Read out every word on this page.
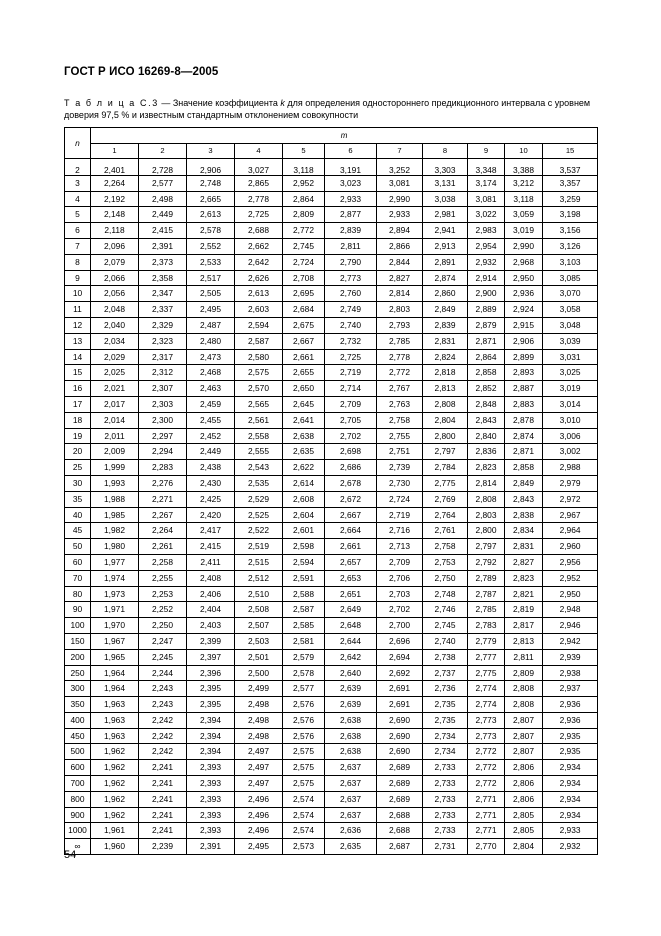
ГОСТ Р ИСО 16269-8—2005
Т а б л и ц а С.3 — Значение коэффициента k для определения одностороннего предикционного интервала с уровнем доверия 97,5 % и известным стандартным отклонением совокупности
n	m										
	1	2	3	4	5	6	7	8	9	10	15
2	2,401	2,728	2,906	3,027	3,118	3,191	3,252	3,303	3,348	3,388	3,537
3	2,264	2,577	2,748	2,865	2,952	3,023	3,081	3,131	3,174	3,212	3,357
4	2,192	2,498	2,665	2,778	2,864	2,933	2,990	3,038	3,081	3,118	3,259
5	2,148	2,449	2,613	2,725	2,809	2,877	2,933	2,981	3,022	3,059	3,198
6	2,118	2,415	2,578	2,688	2,772	2,839	2,894	2,941	2,983	3,019	3,156
7	2,096	2,391	2,552	2,662	2,745	2,811	2,866	2,913	2,954	2,990	3,126
8	2,079	2,373	2,533	2,642	2,724	2,790	2,844	2,891	2,932	2,968	3,103
9	2,066	2,358	2,517	2,626	2,708	2,773	2,827	2,874	2,914	2,950	3,085
10	2,056	2,347	2,505	2,613	2,695	2,760	2,814	2,860	2,900	2,936	3,070
11	2,048	2,337	2,495	2,603	2,684	2,749	2,803	2,849	2,889	2,924	3,058
12	2,040	2,329	2,487	2,594	2,675	2,740	2,793	2,839	2,879	2,915	3,048
13	2,034	2,323	2,480	2,587	2,667	2,732	2,785	2,831	2,871	2,906	3,039
14	2,029	2,317	2,473	2,580	2,661	2,725	2,778	2,824	2,864	2,899	3,031
15	2,025	2,312	2,468	2,575	2,655	2,719	2,772	2,818	2,858	2,893	3,025
16	2,021	2,307	2,463	2,570	2,650	2,714	2,767	2,813	2,852	2,887	3,019
17	2,017	2,303	2,459	2,565	2,645	2,709	2,763	2,808	2,848	2,883	3,014
18	2,014	2,300	2,455	2,561	2,641	2,705	2,758	2,804	2,843	2,878	3,010
19	2,011	2,297	2,452	2,558	2,638	2,702	2,755	2,800	2,840	2,874	3,006
20	2,009	2,294	2,449	2,555	2,635	2,698	2,751	2,797	2,836	2,871	3,002
25	1,999	2,283	2,438	2,543	2,622	2,686	2,739	2,784	2,823	2,858	2,988
30	1,993	2,276	2,430	2,535	2,614	2,678	2,730	2,775	2,814	2,849	2,979
35	1,988	2,271	2,425	2,529	2,608	2,672	2,724	2,769	2,808	2,843	2,972
40	1,985	2,267	2,420	2,525	2,604	2,667	2,719	2,764	2,803	2,838	2,967
45	1,982	2,264	2,417	2,522	2,601	2,664	2,716	2,761	2,800	2,834	2,964
50	1,980	2,261	2,415	2,519	2,598	2,661	2,713	2,758	2,797	2,831	2,960
60	1,977	2,258	2,411	2,515	2,594	2,657	2,709	2,753	2,792	2,827	2,956
70	1,974	2,255	2,408	2,512	2,591	2,653	2,706	2,750	2,789	2,823	2,952
80	1,973	2,253	2,406	2,510	2,588	2,651	2,703	2,748	2,787	2,821	2,950
90	1,971	2,252	2,404	2,508	2,587	2,649	2,702	2,746	2,785	2,819	2,948
100	1,970	2,250	2,403	2,507	2,585	2,648	2,700	2,745	2,783	2,817	2,946
150	1,967	2,247	2,399	2,503	2,581	2,644	2,696	2,740	2,779	2,813	2,942
200	1,965	2,245	2,397	2,501	2,579	2,642	2,694	2,738	2,777	2,811	2,939
250	1,964	2,244	2,396	2,500	2,578	2,640	2,692	2,737	2,775	2,809	2,938
300	1,964	2,243	2,395	2,499	2,577	2,639	2,691	2,736	2,774	2,808	2,937
350	1,963	2,243	2,395	2,498	2,576	2,639	2,691	2,735	2,774	2,808	2,936
400	1,963	2,242	2,394	2,498	2,576	2,638	2,690	2,735	2,773	2,807	2,936
450	1,963	2,242	2,394	2,498	2,576	2,638	2,690	2,734	2,773	2,807	2,935
500	1,962	2,242	2,394	2,497	2,575	2,638	2,690	2,734	2,772	2,807	2,935
600	1,962	2,241	2,393	2,497	2,575	2,637	2,689	2,733	2,772	2,806	2,934
700	1,962	2,241	2,393	2,497	2,575	2,637	2,689	2,733	2,772	2,806	2,934
800	1,962	2,241	2,393	2,496	2,574	2,637	2,689	2,733	2,771	2,806	2,934
900	1,962	2,241	2,393	2,496	2,574	2,637	2,688	2,733	2,771	2,805	2,934
1000	1,961	2,241	2,393	2,496	2,574	2,636	2,688	2,733	2,771	2,805	2,933
∞	1,960	2,239	2,391	2,495	2,573	2,635	2,687	2,731	2,770	2,804	2,932
54
